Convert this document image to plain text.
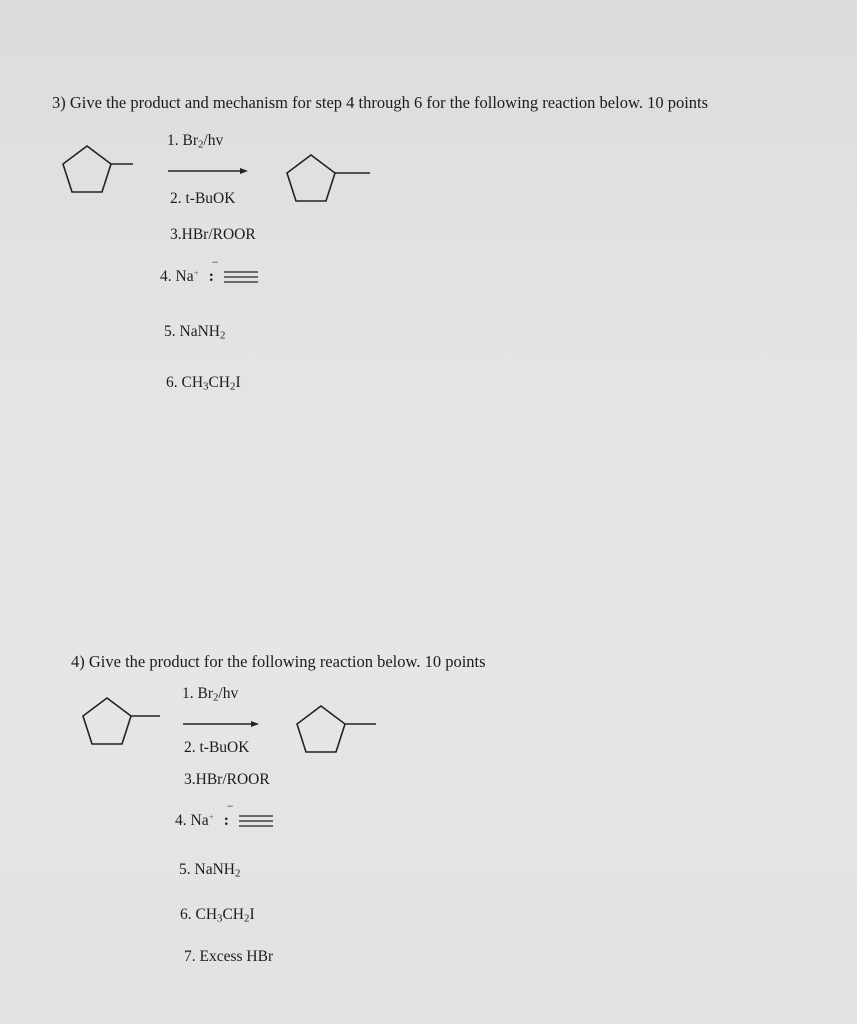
3) Give the product and mechanism for step 4 through 6 for the following reaction below. 10 points
1. $Br_2/hv$
2. t-BuOK
3.HBr/ROOR
4. Na+ :
−

5. NaNH$_2$
6. $CH_3CH_2I$
4) Give the product for the following reaction below. 10 points
1. $Br_2/hv$
2. t-BuOK
3.HBr/ROOR
4. Na+ :
−

5. NaNH$_2$
6. $CH_3CH_2I$
7. Excess HBr
